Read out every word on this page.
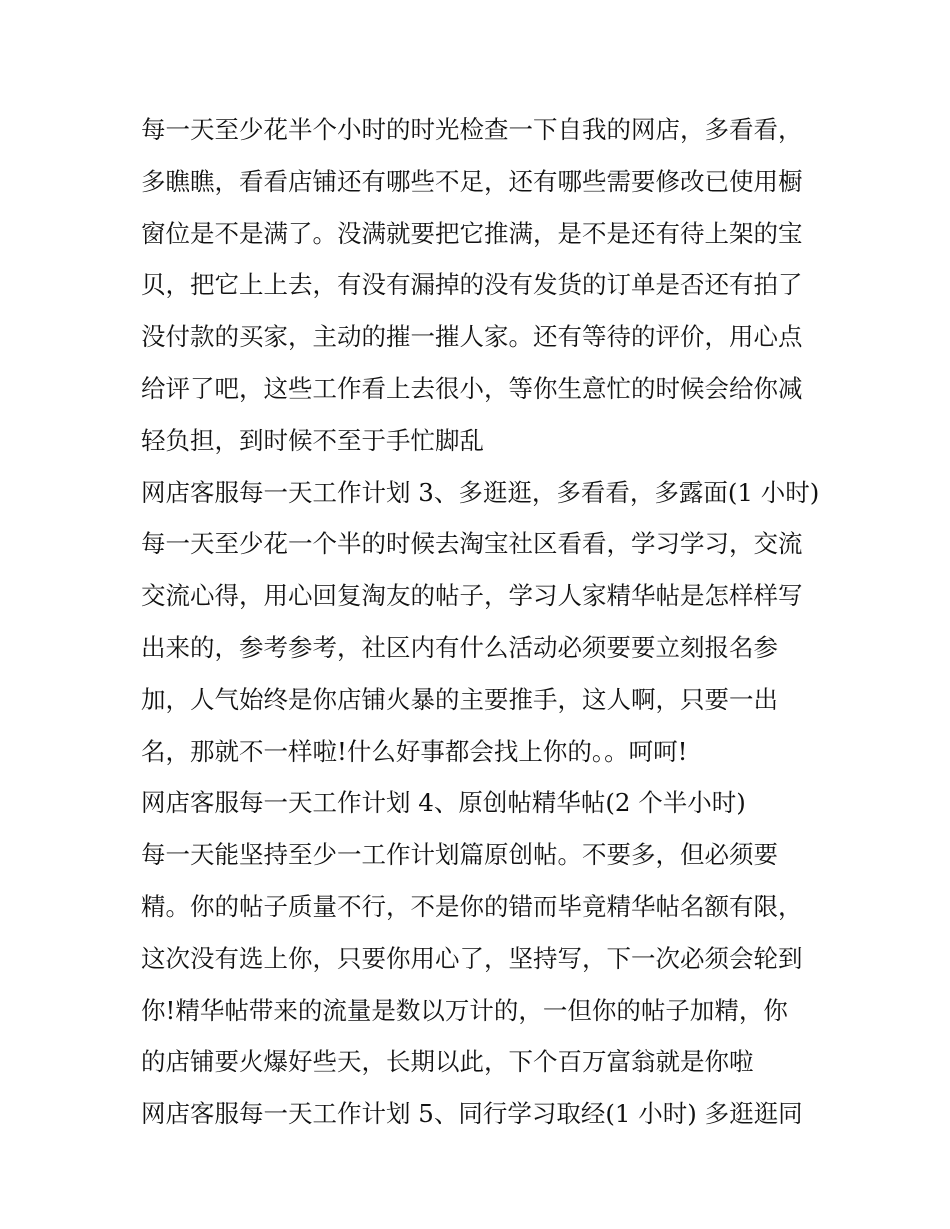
每一天至少花半个小时的时光检查一下自我的网店，多看看，

多瞧瞧，看看店铺还有哪些不足，还有哪些需要修改已使用橱

窗位是不是满了。没满就要把它推满，是不是还有待上架的宝

贝，把它上上去，有没有漏掉的没有发货的订单是否还有拍了

没付款的买家，主动的摧一摧人家。还有等待的评价，用心点

给评了吧，这些工作看上去很小，等你生意忙的时候会给你减

轻负担，到时候不至于手忙脚乱

网店客服每一天工作计划 3、多逛逛，多看看，多露面(1 小时)

每一天至少花一个半的时候去淘宝社区看看，学习学习，交流

交流心得，用心回复淘友的帖子，学习人家精华帖是怎样样写

出来的，参考参考，社区内有什么活动必须要要立刻报名参

加，人气始终是你店铺火暴的主要推手，这人啊，只要一出

名，那就不一样啦!什么好事都会找上你的。。呵呵!

网店客服每一天工作计划 4、原创帖精华帖(2 个半小时)

每一天能坚持至少一工作计划篇原创帖。不要多，但必须要

精。你的帖子质量不行，不是你的错而毕竟精华帖名额有限，

这次没有选上你，只要你用心了，坚持写，下一次必须会轮到

你!精华帖带来的流量是数以万计的，一但你的帖子加精，你

的店铺要火爆好些天，长期以此，下个百万富翁就是你啦

网店客服每一天工作计划 5、同行学习取经(1 小时) 多逛逛同
